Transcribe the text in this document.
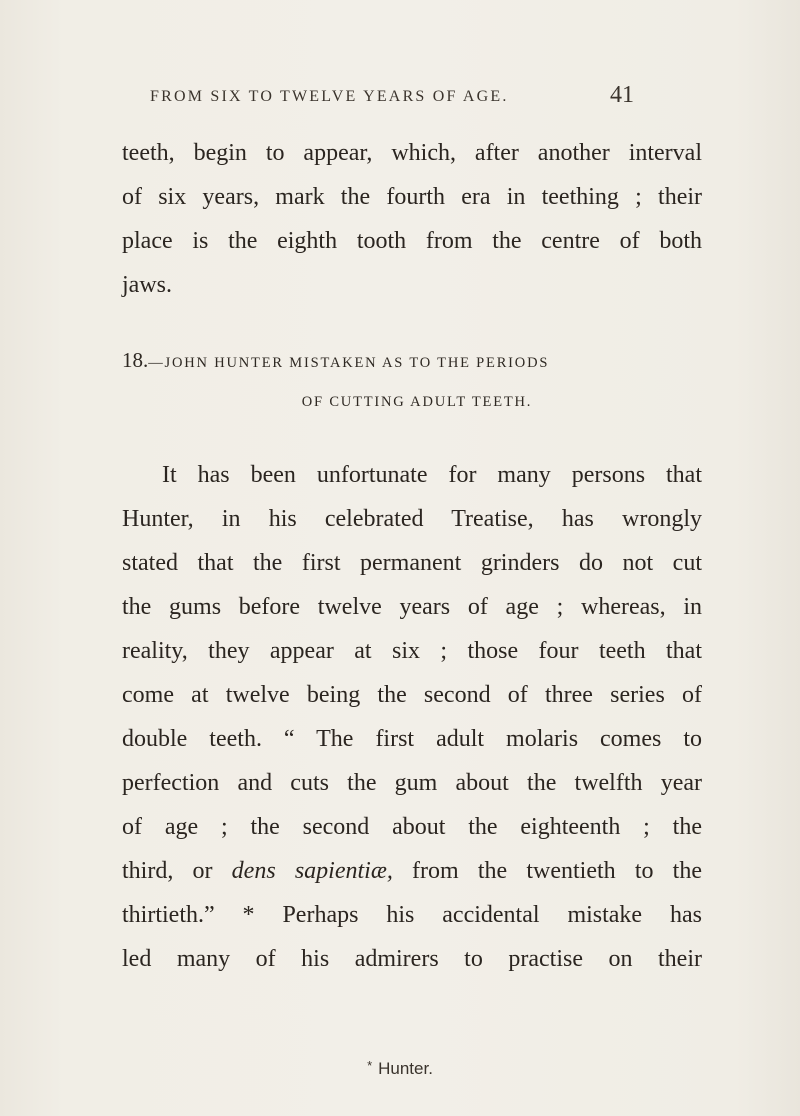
FROM SIX TO TWELVE YEARS OF AGE.	41
teeth, begin to appear, which, after another interval
of six years, mark the fourth era in teething ; their
place is the eighth tooth from the centre of both
jaws.
18.—JOHN HUNTER MISTAKEN AS TO THE PERIODS
OF CUTTING ADULT TEETH.
It has been unfortunate for many persons that
Hunter, in his celebrated Treatise, has wrongly
stated that the first permanent grinders do not cut
the gums before twelve years of age ; whereas, in
reality, they appear at six ; those four teeth that
come at twelve being the second of three series of
double teeth. “ The first adult molaris comes to
perfection and cuts the gum about the twelfth year
of age ; the second about the eighteenth ; the
third, or dens sapientiæ, from the twentieth to the
thirtieth.” * Perhaps his accidental mistake has
led many of his admirers to practise on their
* Hunter.
